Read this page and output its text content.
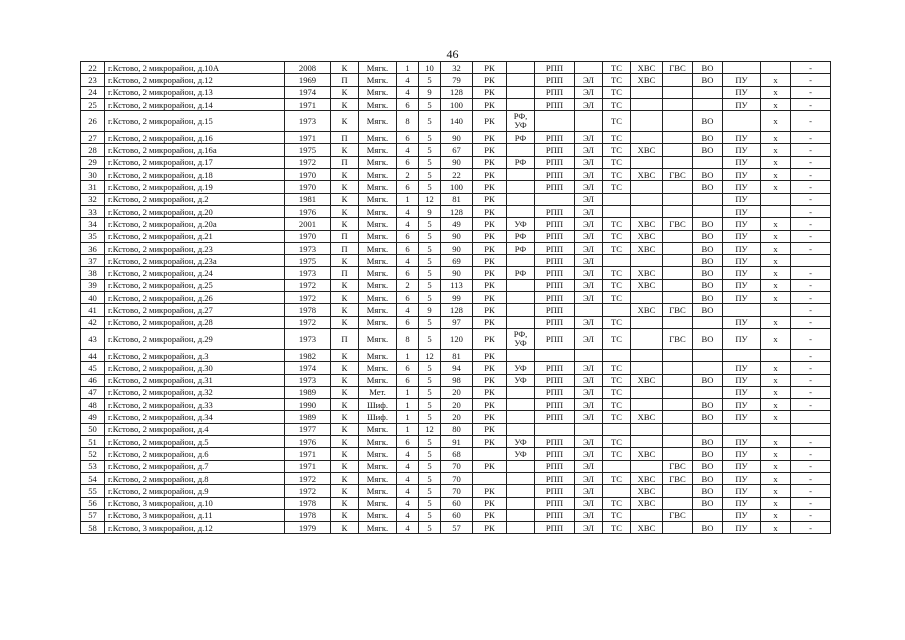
46
22	г.Кстово, 2 микрорайон, д.10А	2008	К	Мягк.	1	10	32	РК		РПП		ТС	ХВС	ГВС	ВО			-
23	г.Кстово, 2 микрорайон, д.12	1969	П	Мягк.	4	5	79	РК		РПП	ЭЛ	ТС	ХВС		ВО	ПУ	х	-
24	г.Кстово, 2 микрорайон, д.13	1974	К	Мягк.	4	9	128	РК		РПП	ЭЛ	ТС				ПУ	х	-
25	г.Кстово, 2 микрорайон, д.14	1971	К	Мягк.	6	5	100	РК		РПП	ЭЛ	ТС				ПУ	х	-
26	г.Кстово, 2 микрорайон, д.15	1973	К	Мягк.	8	5	140	РК	РФ, УФ			ТС			ВО		х	-
27	г.Кстово, 2 микрорайон, д.16	1971	П	Мягк.	6	5	90	РК	РФ	РПП	ЭЛ	ТС			ВО	ПУ	х	-
28	г.Кстово, 2 микрорайон, д.16а	1975	К	Мягк.	4	5	67	РК		РПП	ЭЛ	ТС	ХВС		ВО	ПУ	х	-
29	г.Кстово, 2 микрорайон, д.17	1972	П	Мягк.	6	5	90	РК	РФ	РПП	ЭЛ	ТС				ПУ	х	-
30	г.Кстово, 2 микрорайон, д.18	1970	К	Мягк.	2	5	22	РК		РПП	ЭЛ	ТС	ХВС	ГВС	ВО	ПУ	х	-
31	г.Кстово, 2 микрорайон, д.19	1970	К	Мягк.	6	5	100	РК		РПП	ЭЛ	ТС			ВО	ПУ	х	-
32	г.Кстово, 2 микрорайон, д.2	1981	К	Мягк.	1	12	81	РК			ЭЛ					ПУ		-
33	г.Кстово, 2 микрорайон, д.20	1976	К	Мягк.	4	9	128	РК		РПП	ЭЛ					ПУ		-
34	г.Кстово, 2 микрорайон, д.20а	2001	К	Мягк.	4	5	49	РК	УФ	РПП	ЭЛ	ТС	ХВС	ГВС	ВО	ПУ	х	-
35	г.Кстово, 2 микрорайон, д.21	1970	П	Мягк.	6	5	90	РК	РФ	РПП	ЭЛ	ТС	ХВС		ВО	ПУ	х	-
36	г.Кстово, 2 микрорайон, д.23	1973	П	Мягк.	6	5	90	РК	РФ	РПП	ЭЛ	ТС	ХВС		ВО	ПУ	х	-
37	г.Кстово, 2 микрорайон, д.23а	1975	К	Мягк.	4	5	69	РК		РПП	ЭЛ				ВО	ПУ	х	
38	г.Кстово, 2 микрорайон, д.24	1973	П	Мягк.	6	5	90	РК	РФ	РПП	ЭЛ	ТС	ХВС		ВО	ПУ	х	-
39	г.Кстово, 2 микрорайон, д.25	1972	К	Мягк.	2	5	113	РК		РПП	ЭЛ	ТС	ХВС		ВО	ПУ	х	-
40	г.Кстово, 2 микрорайон, д.26	1972	К	Мягк.	6	5	99	РК		РПП	ЭЛ	ТС			ВО	ПУ	х	-
41	г.Кстово, 2 микрорайон, д.27	1978	К	Мягк.	4	9	128	РК		РПП			ХВС	ГВС	ВО			-
42	г.Кстово, 2 микрорайон, д.28	1972	К	Мягк.	6	5	97	РК		РПП	ЭЛ	ТС				ПУ	х	-
43	г.Кстово, 2 микрорайон, д.29	1973	П	Мягк.	8	5	120	РК	РФ, УФ	РПП	ЭЛ	ТС		ГВС	ВО	ПУ	х	-
44	г.Кстово, 2 микрорайон, д.3	1982	К	Мягк.	1	12	81	РК										-
45	г.Кстово, 2 микрорайон, д.30	1974	К	Мягк.	6	5	94	РК	УФ	РПП	ЭЛ	ТС				ПУ	х	-
46	г.Кстово, 2 микрорайон, д.31	1973	К	Мягк.	6	5	98	РК	УФ	РПП	ЭЛ	ТС	ХВС		ВО	ПУ	х	-
47	г.Кстово, 2 микрорайон, д.32	1989	К	Мет.	1	5	20	РК		РПП	ЭЛ	ТС				ПУ	х	-
48	г.Кстово, 2 микрорайон, д.33	1990	К	Шиф.	1	5	20	РК		РПП	ЭЛ	ТС			ВО	ПУ	х	-
49	г.Кстово, 2 микрорайон, д.34	1989	К	Шиф.	1	5	20	РК		РПП	ЭЛ	ТС	ХВС		ВО	ПУ	х	
50	г.Кстово, 2 микрорайон, д.4	1977	К	Мягк.	1	12	80	РК										
51	г.Кстово, 2 микрорайон, д.5	1976	К	Мягк.	6	5	91	РК	УФ	РПП	ЭЛ	ТС			ВО	ПУ	х	-
52	г.Кстово, 2 микрорайон, д.6	1971	К	Мягк.	4	5	68		УФ	РПП	ЭЛ	ТС	ХВС		ВО	ПУ	х	-
53	г.Кстово, 2 микрорайон, д.7	1971	К	Мягк.	4	5	70	РК		РПП	ЭЛ			ГВС	ВО	ПУ	х	-
54	г.Кстово, 2 микрорайон, д.8	1972	К	Мягк.	4	5	70			РПП	ЭЛ	ТС	ХВС	ГВС	ВО	ПУ	х	-
55	г.Кстово, 2 микрорайон, д.9	1972	К	Мягк.	4	5	70	РК		РПП	ЭЛ		ХВС		ВО	ПУ	х	-
56	г.Кстово, 3 микрорайон, д.10	1978	К	Мягк.	4	5	60	РК		РПП	ЭЛ	ТС	ХВС		ВО	ПУ	х	-
57	г.Кстово, 3 микрорайон, д.11	1978	К	Мягк.	4	5	60	РК		РПП	ЭЛ	ТС		ГВС		ПУ	х	-
58	г.Кстово, 3 микрорайон, д.12	1979	К	Мягк.	4	5	57	РК		РПП	ЭЛ	ТС	ХВС		ВО	ПУ	х	-
